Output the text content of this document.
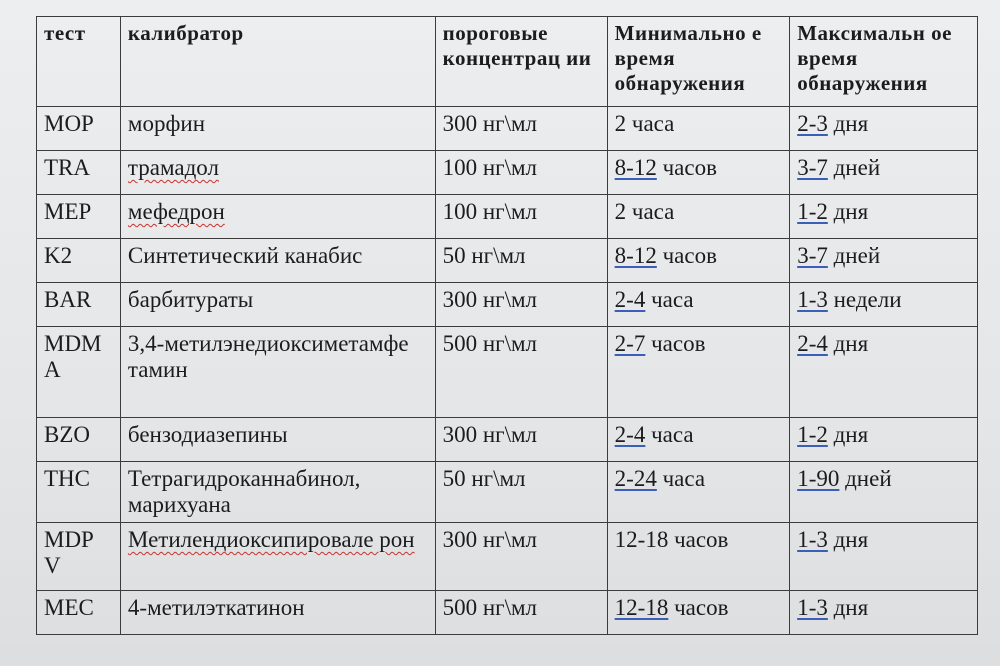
тест	калибратор	пороговые концентрац ии	Минимально е время обнаружения	Максимальн ое время обнаружения
MOP	морфин	300 нг\мл	2 часа	2-3 дня
TRA	трамадол	100 нг\мл	8-12 часов	3-7 дней
MEP	мефедрон	100 нг\мл	2 часа	1-2 дня
K2	Синтетический канабис	50 нг\мл	8-12 часов	3-7 дней
BAR	барбитураты	300 нг\мл	2-4 часа	1-3 недели
MDM A	3,4-метилэнедиоксиметамфе тамин	500 нг\мл	2-7 часов	2-4 дня
BZO	бензодиазепины	300 нг\мл	2-4 часа	1-2 дня
THC	Тетрагидроканнабинол, марихуана	50 нг\мл	2-24 часа	1-90 дней
MDP V	Метилендиоксипировале рон	300 нг\мл	12-18 часов	1-3 дня
MEC	4-метилэткатинон	500 нг\мл	12-18 часов	1-3 дня
